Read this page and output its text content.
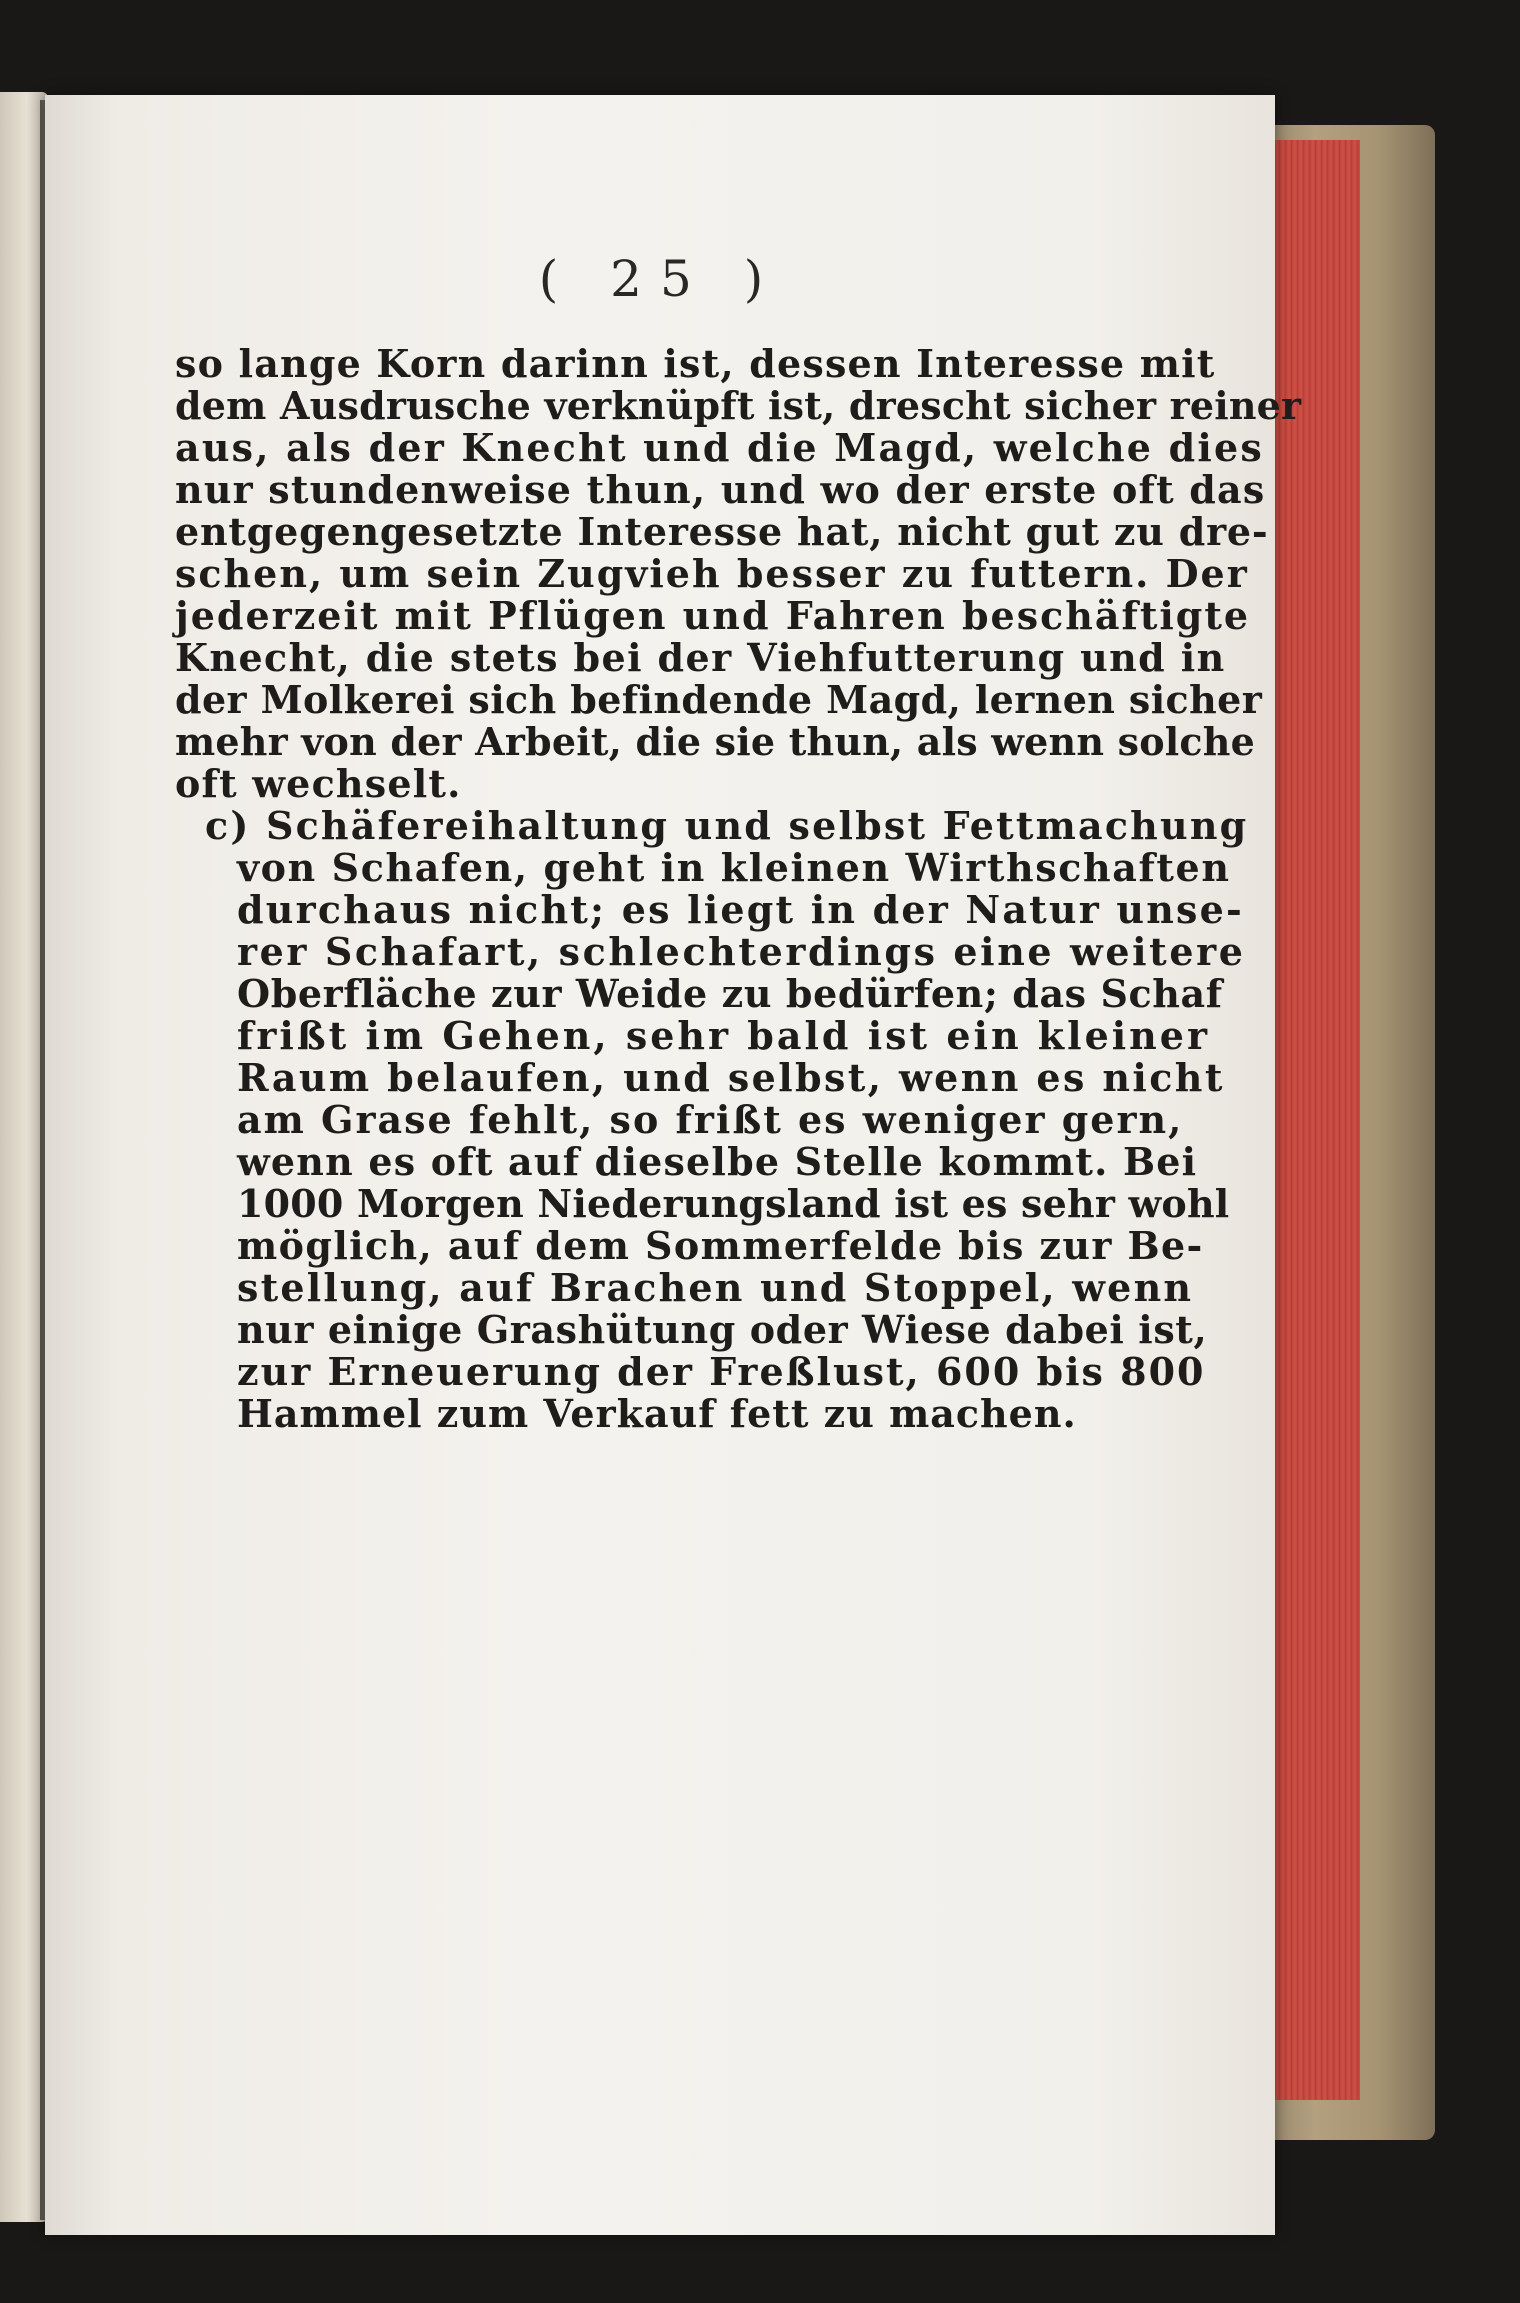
( 25 )
so lange Korn darinn ist, dessen Interesse mit
dem Ausdrusche verknüpft ist, drescht sicher reiner
aus, als der Knecht und die Magd, welche dies
nur stundenweise thun, und wo der erste oft das
entgegengesetzte Interesse hat, nicht gut zu dre-
schen, um sein Zugvieh besser zu futtern. Der
jederzeit mit Pflügen und Fahren beschäftigte
Knecht, die stets bei der Viehfutterung und in
der Molkerei sich befindende Magd, lernen sicher
mehr von der Arbeit, die sie thun, als wenn solche
oft wechselt.
c) Schäfereihaltung und selbst Fettmachung
von Schafen, geht in kleinen Wirthschaften
durchaus nicht; es liegt in der Natur unse-
rer Schafart, schlechterdings eine weitere
Oberfläche zur Weide zu bedürfen; das Schaf
frißt im Gehen, sehr bald ist ein kleiner
Raum belaufen, und selbst, wenn es nicht
am Grase fehlt, so frißt es weniger gern,
wenn es oft auf dieselbe Stelle kommt. Bei
1000 Morgen Niederungsland ist es sehr wohl
möglich, auf dem Sommerfelde bis zur Be-
stellung, auf Brachen und Stoppel, wenn
nur einige Grashütung oder Wiese dabei ist,
zur Erneuerung der Freßlust, 600 bis 800
Hammel zum Verkauf fett zu machen.
